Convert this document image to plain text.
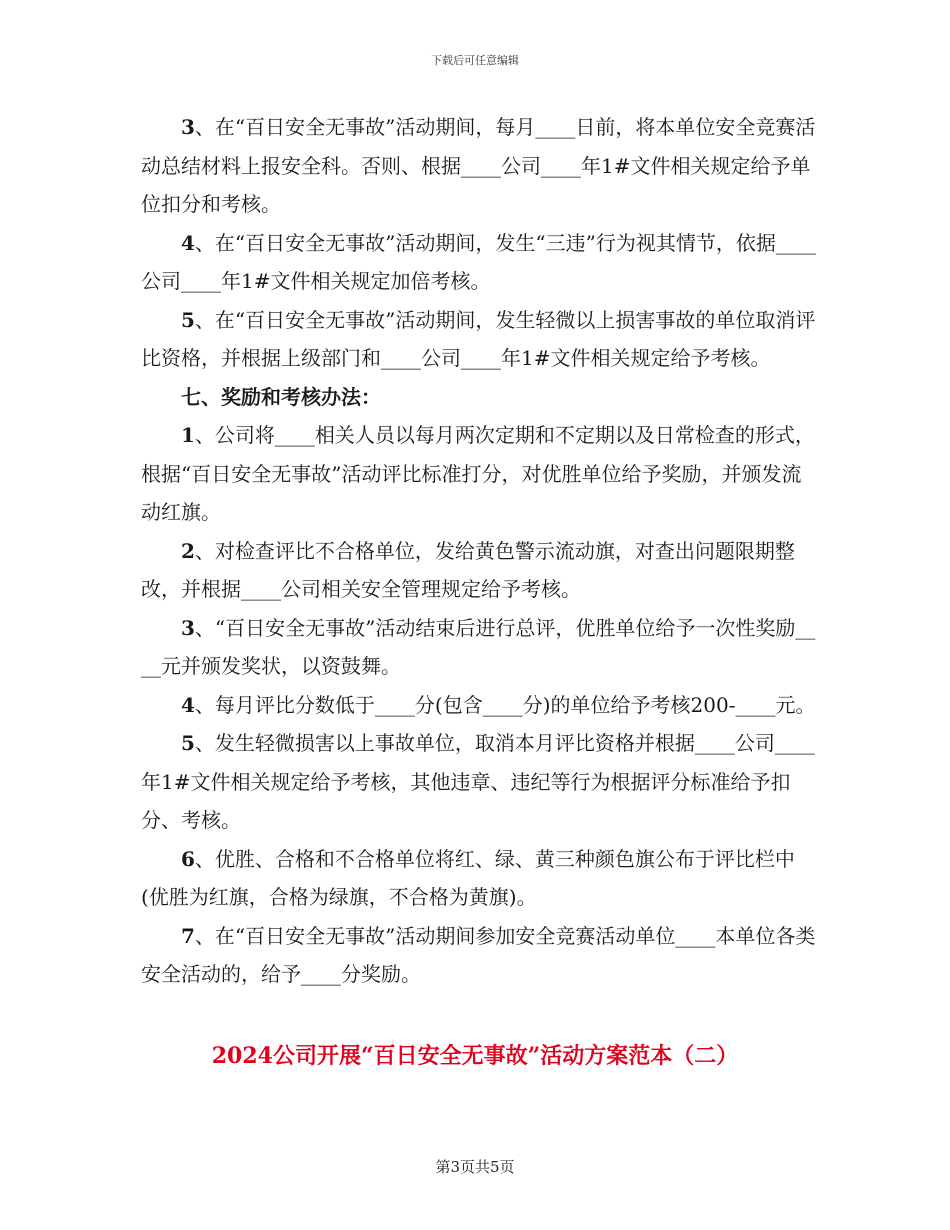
下载后可任意编辑

3、在“百日安全无事故”活动期间，每月____日前，将本单位安全竞赛活动总结材料上报安全科。否则、根据____公司____年1#文件相关规定给予单位扣分和考核。

4、在“百日安全无事故”活动期间，发生“三违”行为视其情节，依据____公司____年1#文件相关规定加倍考核。

5、在“百日安全无事故”活动期间，发生轻微以上损害事故的单位取消评比资格，并根据上级部门和____公司____年1#文件相关规定给予考核。

七、奖励和考核办法：

1、公司将____相关人员以每月两次定期和不定期以及日常检查的形式，根据“百日安全无事故”活动评比标准打分，对优胜单位给予奖励，并颁发流动红旗。

2、对检查评比不合格单位，发给黄色警示流动旗，对查出问题限期整改，并根据____公司相关安全管理规定给予考核。

3、“百日安全无事故”活动结束后进行总评，优胜单位给予一次性奖励____元并颁发奖状，以资鼓舞。

4、每月评比分数低于____分(包含____分)的单位给予考核200-____元。

5、发生轻微损害以上事故单位，取消本月评比资格并根据____公司____年1#文件相关规定给予考核，其他违章、违纪等行为根据评分标准给予扣分、考核。

6、优胜、合格和不合格单位将红、绿、黄三种颜色旗公布于评比栏中(优胜为红旗，合格为绿旗，不合格为黄旗)。

7、在“百日安全无事故”活动期间参加安全竞赛活动单位____本单位各类安全活动的，给予____分奖励。

2024公司开展“百日安全无事故”活动方案范本（二）
第3页共5页
